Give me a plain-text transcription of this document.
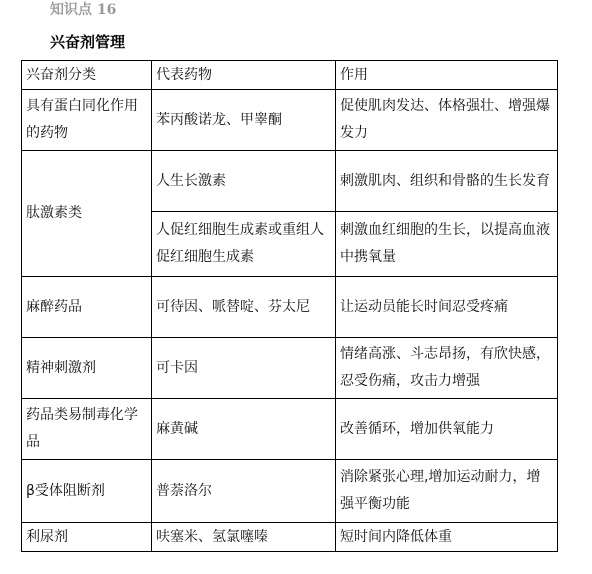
知识点 16
兴奋剂管理
兴奋剂分类	代表药物	作用
具有蛋白同化作用的药物	苯丙酸诺龙、甲睾酮	促使肌肉发达、体格强壮、增强爆发力
肽激素类	人生长激素	刺激肌肉、组织和骨骼的生长发育
	人促红细胞生成素或重组人促红细胞生成素	刺激血红细胞的生长，以提高血液中携氧量
麻醉药品	可待因、哌替啶、芬太尼	让运动员能长时间忍受疼痛
精神刺激剂	可卡因	情绪高涨、斗志昂扬，有欣快感，忍受伤痛，攻击力增强
药品类易制毒化学品	麻黄碱	改善循环，增加供氧能力
β受体阻断剂	普萘洛尔	消除紧张心理,增加运动耐力，增强平衡功能
利尿剂	呋塞米、氢氯噻嗪	短时间内降低体重
